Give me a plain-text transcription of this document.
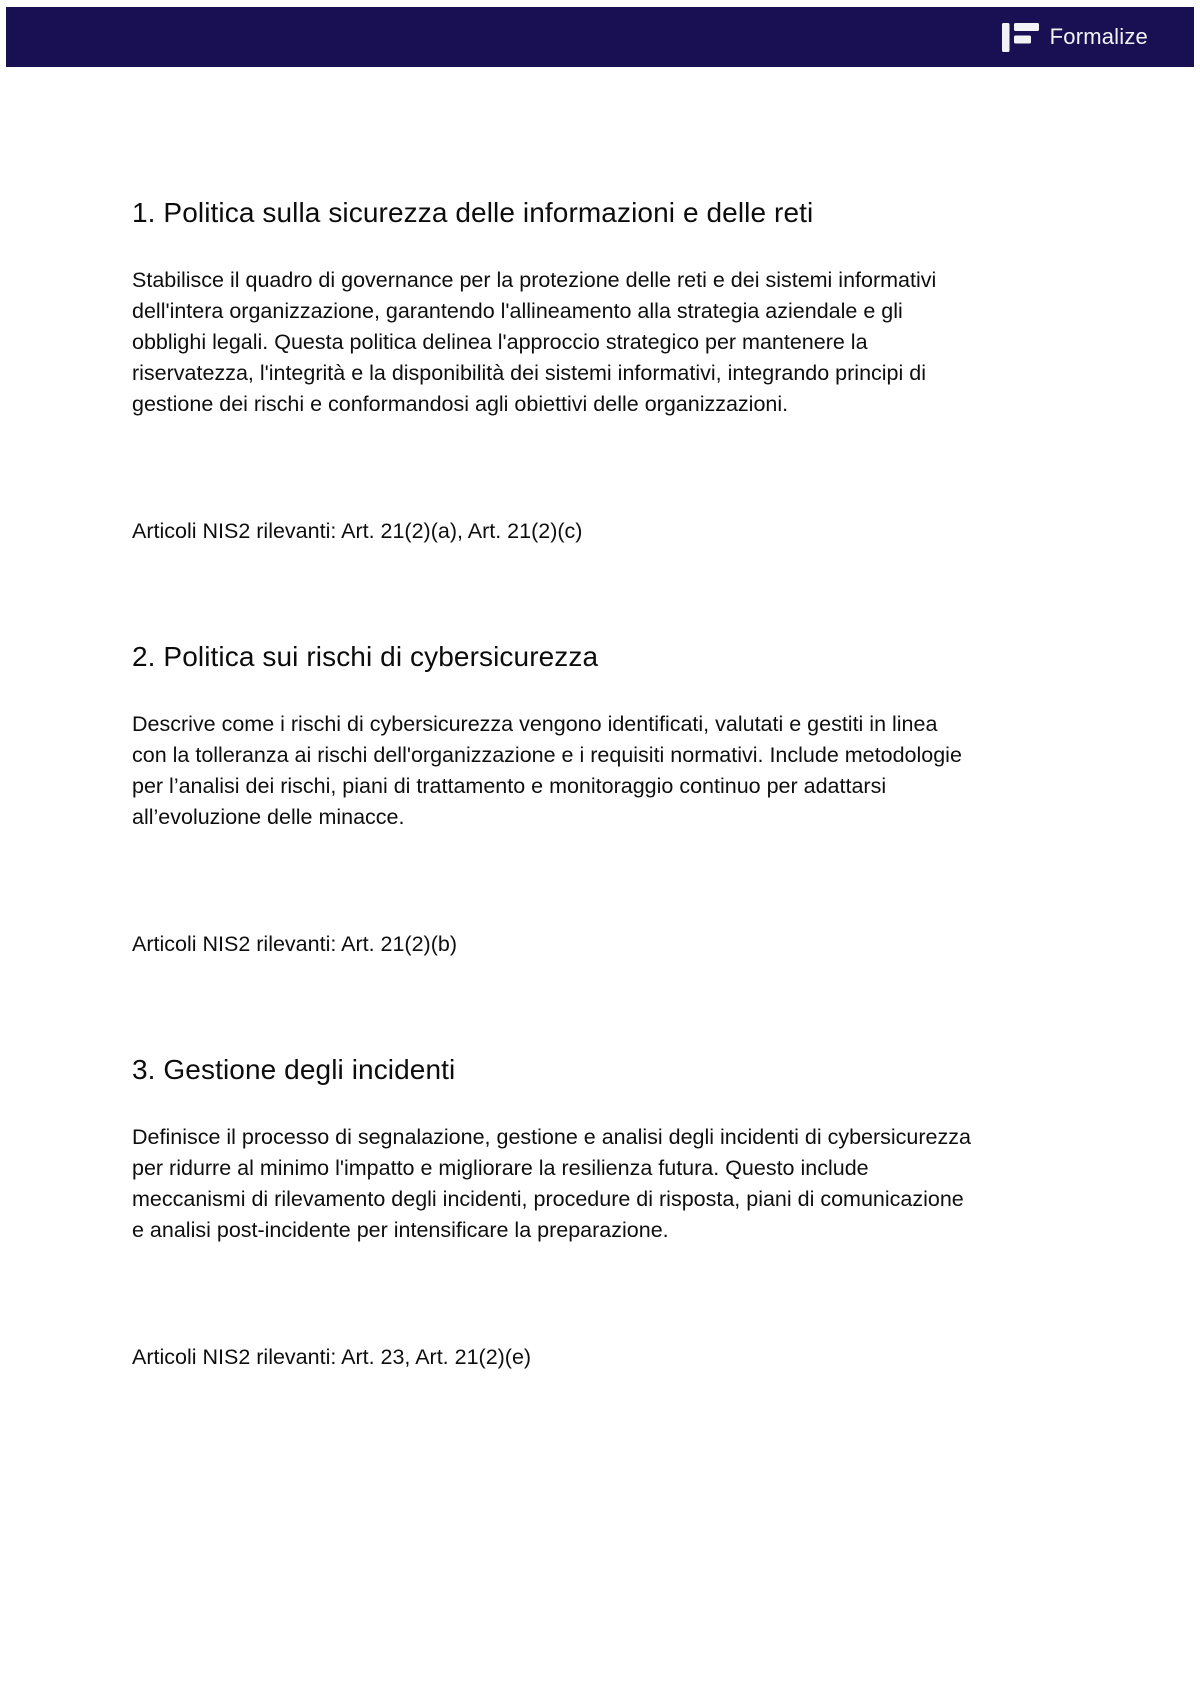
Formalize
1. Politica sulla sicurezza delle informazioni e delle reti

Stabilisce il quadro di governance per la protezione delle reti e dei sistemi informativi dell'intera organizzazione, garantendo l'allineamento alla strategia aziendale e gli obblighi legali. Questa politica delinea l'approccio strategico per mantenere la riservatezza, l'integrità e la disponibilità dei sistemi informativi, integrando principi di gestione dei rischi e conformandosi agli obiettivi delle organizzazioni.

Articoli NIS2 rilevanti: Art. 21(2)(a), Art. 21(2)(c)

2. Politica sui rischi di cybersicurezza

Descrive come i rischi di cybersicurezza vengono identificati, valutati e gestiti in linea con la tolleranza ai rischi dell'organizzazione e i requisiti normativi. Include metodologie per l’analisi dei rischi, piani di trattamento e monitoraggio continuo per adattarsi all’evoluzione delle minacce.

Articoli NIS2 rilevanti: Art. 21(2)(b)

3. Gestione degli incidenti

Definisce il processo di segnalazione, gestione e analisi degli incidenti di cybersicurezza per ridurre al minimo l'impatto e migliorare la resilienza futura. Questo include meccanismi di rilevamento degli incidenti, procedure di risposta, piani di comunicazione e analisi post-incidente per intensificare la preparazione.

Articoli NIS2 rilevanti: Art. 23, Art. 21(2)(e)
